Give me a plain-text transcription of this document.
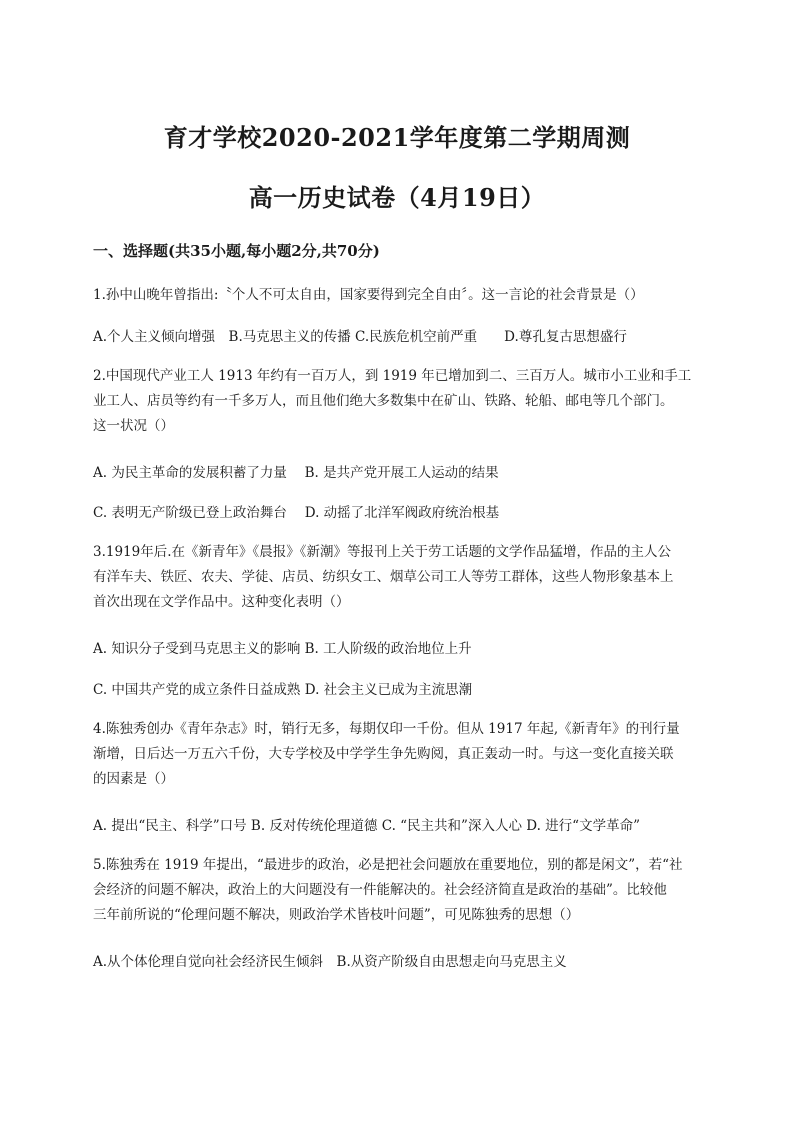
育才学校2020-2021学年度第二学期周测
高一历史试卷（4月19日）
一、选择题(共35小题,每小题2分,共70分)
1.孙中山晚年曾指出:〝个人不可太自由，国家要得到完全自由〞。这一言论的社会背景是（）
A.个人主义倾向增强　B.马克思主义的传播 C.民族危机空前严重　　D.尊孔复古思想盛行
2.中国现代产业工人 1913 年约有一百万人，到 1919 年已增加到二、三百万人。城市小工业和手工
业工人、店员等约有一千多万人，而且他们绝大多数集中在矿山、铁路、轮船、邮电等几个部门。
这一状况（）
A. 为民主革命的发展积蓄了力量　 B. 是共产党开展工人运动的结果
C. 表明无产阶级已登上政治舞台　 D. 动摇了北洋军阀政府统治根基
3.1919年后.在《新青年》《晨报》《新潮》等报刊上关于劳工话题的文学作品猛增，作品的主人公
有洋车夫、铁匠、农夫、学徒、店员、纺织女工、烟草公司工人等劳工群体，这些人物形象基本上
首次出现在文学作品中。这种变化表明（）
A. 知识分子受到马克思主义的影响 B. 工人阶级的政治地位上升
C. 中国共产党的成立条件日益成熟 D. 社会主义已成为主流思潮
4.陈独秀创办《青年杂志》时，销行无多，每期仅印一千份。但从 1917 年起,《新青年》的刊行量
渐增，日后达一万五六千份，大专学校及中学学生争先购阅，真正轰动一时。与这一变化直接关联
的因素是（）
A. 提出“民主、科学”口号 B. 反对传统伦理道德 C. “民主共和”深入人心 D. 进行“文学革命”
5.陈独秀在 1919 年提出，“最进步的政治，必是把社会问题放在重要地位，别的都是闲文”，若“社
会经济的问题不解决，政治上的大问题没有一件能解决的。社会经济简直是政治的基础”。比较他
三年前所说的“伦理问题不解决，则政治学术皆枝叶问题”，可见陈独秀的思想（）
A.从个体伦理自觉向社会经济民生倾斜　B.从资产阶级自由思想走向马克思主义
